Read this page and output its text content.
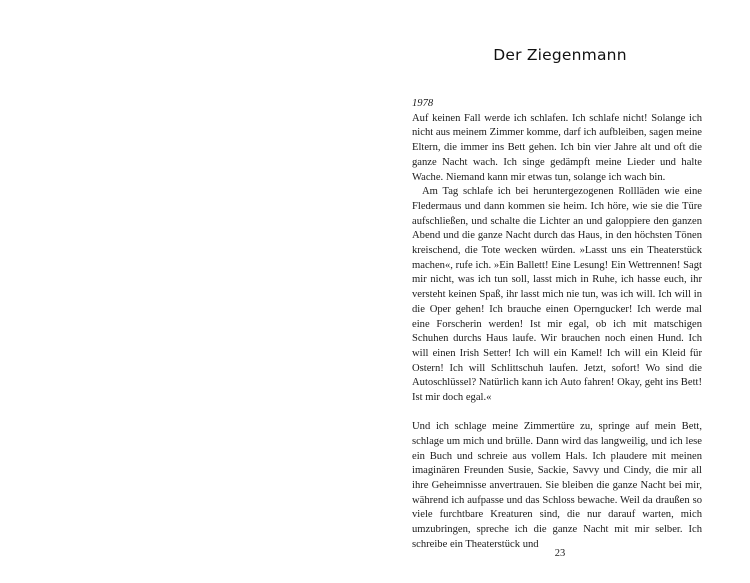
Der Ziegenmann
1978

Auf keinen Fall werde ich schlafen. Ich schlafe nicht! Solange ich nicht aus meinem Zimmer komme, darf ich aufbleiben, sagen meine Eltern, die immer ins Bett gehen. Ich bin vier Jahre alt und oft die ganze Nacht wach. Ich singe gedämpft meine Lieder und halte Wache. Niemand kann mir etwas tun, solange ich wach bin.

Am Tag schlafe ich bei heruntergezogenen Rollläden wie eine Fledermaus und dann kommen sie heim. Ich höre, wie sie die Türe aufschließen, und schalte die Lichter an und galoppiere den ganzen Abend und die ganze Nacht durch das Haus, in den höchsten Tönen kreischend, die Tote wecken würden. »Lasst uns ein Theaterstück machen«, rufe ich. »Ein Ballett! Eine Lesung! Ein Wettrennen! Sagt mir nicht, was ich tun soll, lasst mich in Ruhe, ich hasse euch, ihr versteht keinen Spaß, ihr lasst mich nie tun, was ich will. Ich will in die Oper gehen! Ich brauche einen Operngucker! Ich werde mal eine Forscherin werden! Ist mir egal, ob ich mit matschigen Schuhen durchs Haus laufe. Wir brauchen noch einen Hund. Ich will einen Irish Setter! Ich will ein Kamel! Ich will ein Kleid für Ostern! Ich will Schlittschuh laufen. Jetzt, sofort! Wo sind die Autoschlüssel? Natürlich kann ich Auto fahren! Okay, geht ins Bett! Ist mir doch egal.«

Und ich schlage meine Zimmertüre zu, springe auf mein Bett, schlage um mich und brülle. Dann wird das langweilig, und ich lese ein Buch und schreie aus vollem Hals. Ich plaudere mit meinen imaginären Freunden Susie, Sackie, Savvy und Cindy, die mir all ihre Geheimnisse anvertrauen. Sie bleiben die ganze Nacht bei mir, während ich aufpasse und das Schloss bewache. Weil da draußen so viele furchtbare Kreaturen sind, die nur darauf warten, mich umzubringen, spreche ich die ganze Nacht mit mir selber. Ich schreibe ein Theaterstück und

23
